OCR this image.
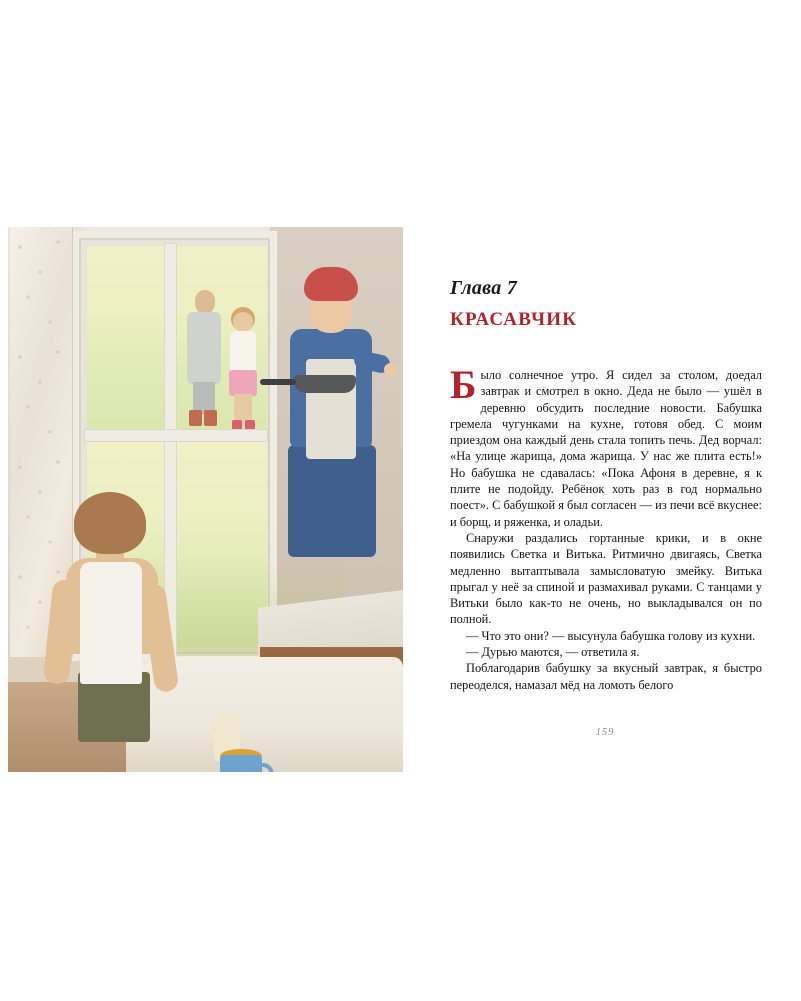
Глава 7
КРАСАВЧИК

Было солнечное утро. Я сидел за столом, доедал завтрак и смотрел в окно. Деда не было — ушёл в деревню обсудить последние новости. Бабушка гремела чугунками на кухне, готовя обед. С моим приездом она каждый день стала топить печь. Дед ворчал: «На улице жарища, дома жарища. У нас же плита есть!» Но бабушка не сдавалась: «Пока Афоня в деревне, я к плите не подойду. Ребёнок хоть раз в год нормально поест». С бабушкой я был согласен — из печи всё вкуснее: и борщ, и ряженка, и оладьи.

Снаружи раздались гортанные крики, и в окне появились Светка и Витька. Ритмично двигаясь, Светка медленно вытаптывала замысловатую змейку. Витька прыгал у неё за спиной и размахивал руками. С танцами у Витьки было как-то не очень, но выкладывался он по полной.

— Что это они? — высунула бабушка голову из кухни.

— Дурью маются, — ответила я.

Поблагодарив бабушку за вкусный завтрак, я быстро переоделся, намазал мёд на ломоть белого

159
